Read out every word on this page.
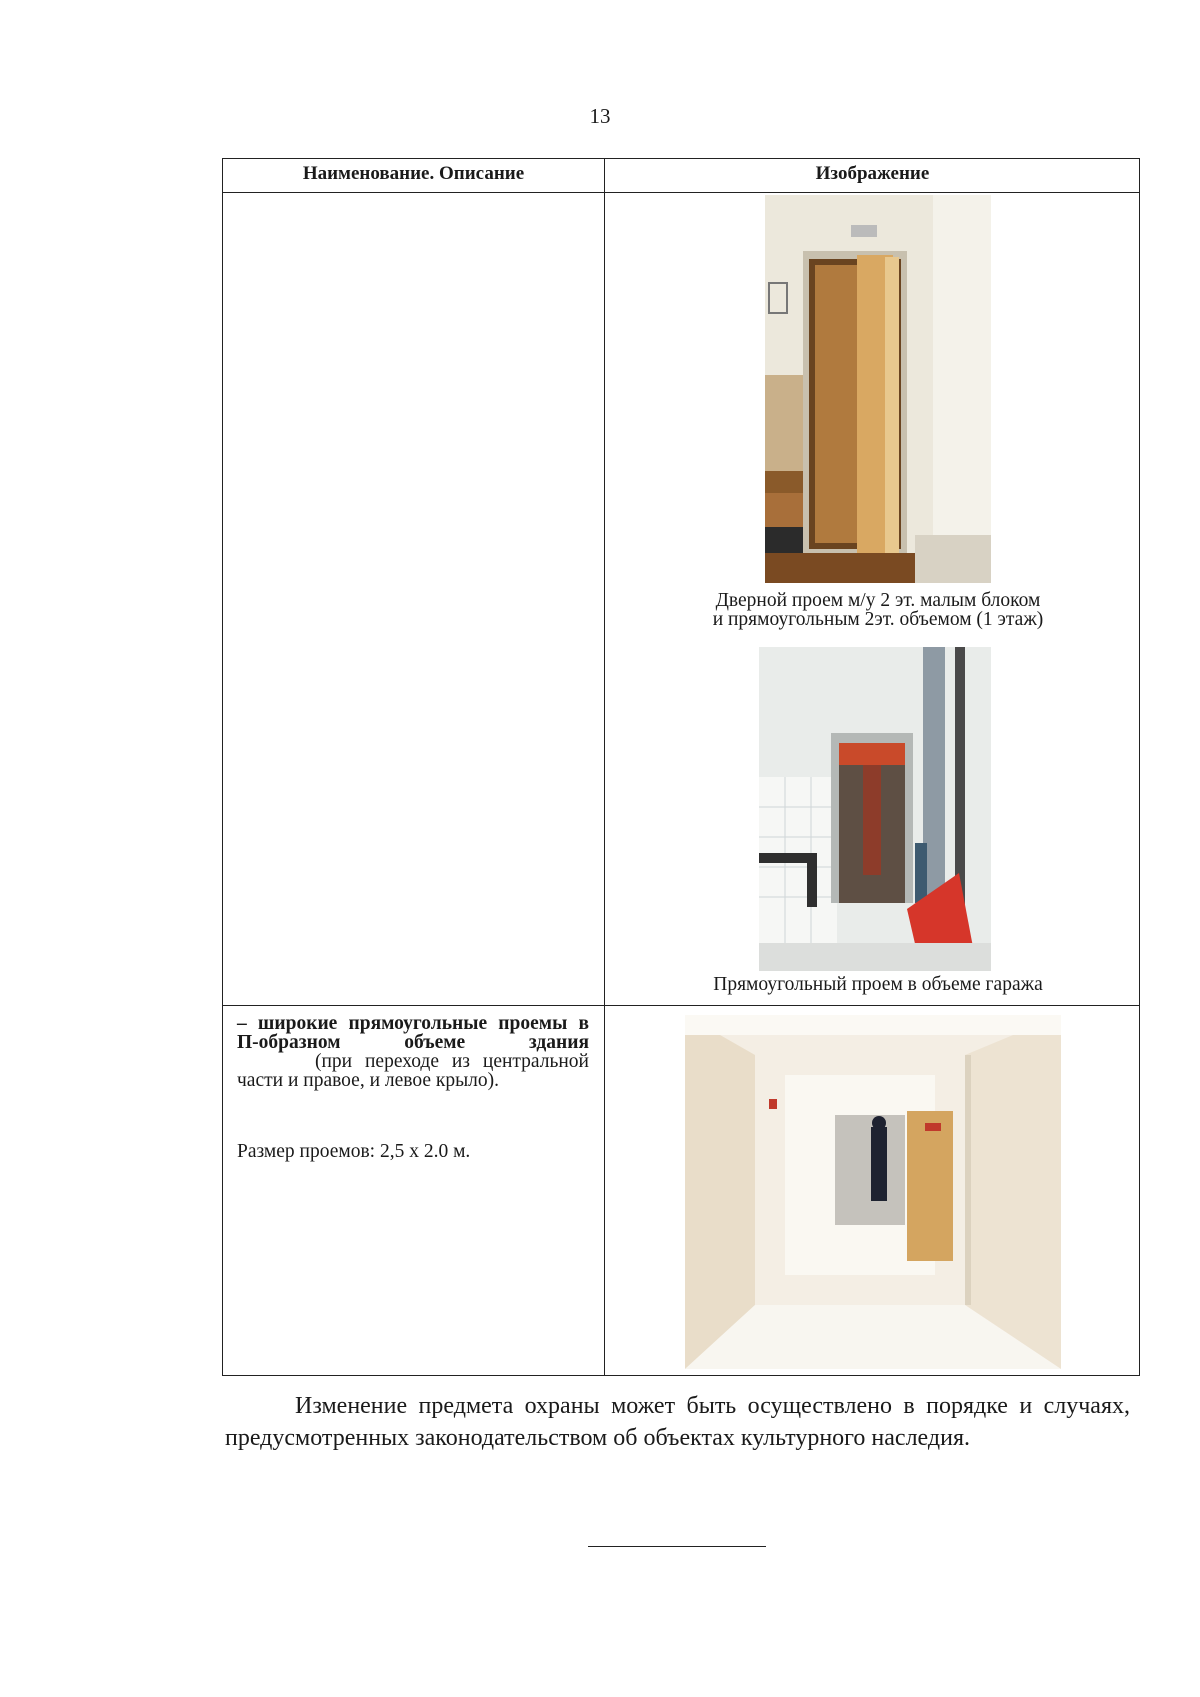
13
Наименование. Описание	Изображение
Дверной проем м/у 2 эт. малым блоком
и прямоугольным 2эт. объемом (1 этаж)
Прямоугольный проем в объеме гаража
– широкие прямоугольные проемы в П-образном объеме здания
(при переходе из центральной части и правое, и левое крыло).
Размер проемов: 2,5 х 2.0 м.
Изменение предмета охраны может быть осуществлено в порядке и случаях, предусмотренных законодательством об объектах культурного наследия.
